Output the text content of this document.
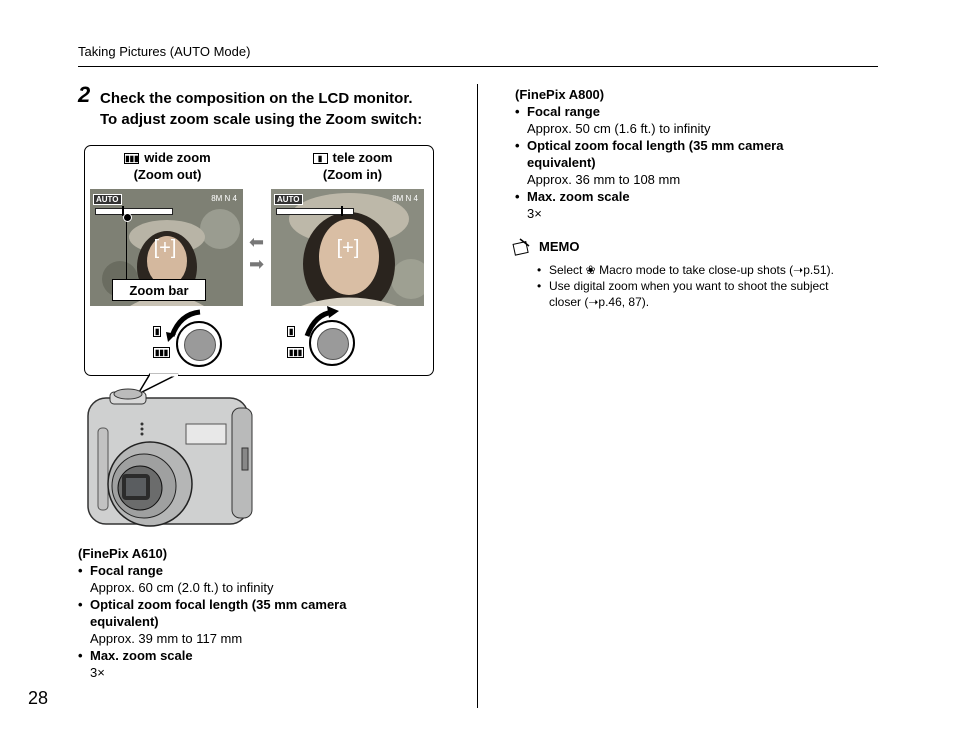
Taking Pictures (AUTO Mode)
28
2 Check the composition on the LCD monitor.
To adjust zoom scale using the Zoom switch:
▮▮▮ wide zoom
(Zoom out)
▮ tele zoom
(Zoom in)
AUTO	8M N 4
[+]
AUTO	8M N 4
[+]
⬅
➡
Zoom bar
▮
▮▮▮
▮
▮▮▮
(FinePix A610)
• Focal range
Approx. 60 cm (2.0 ft.) to infinity
• Optical zoom focal length (35 mm camera
equivalent)
Approx. 39 mm to 117 mm
• Max. zoom scale
3×
(FinePix A800)
• Focal range
Approx. 50 cm (1.6 ft.) to infinity
• Optical zoom focal length (35 mm camera
equivalent)
Approx. 36 mm to 108 mm
• Max. zoom scale
3×
MEMO
• Select ❀ Macro mode to take close-up shots (➝p.51).
• Use digital zoom when you want to shoot the subject
closer (➝p.46, 87).
